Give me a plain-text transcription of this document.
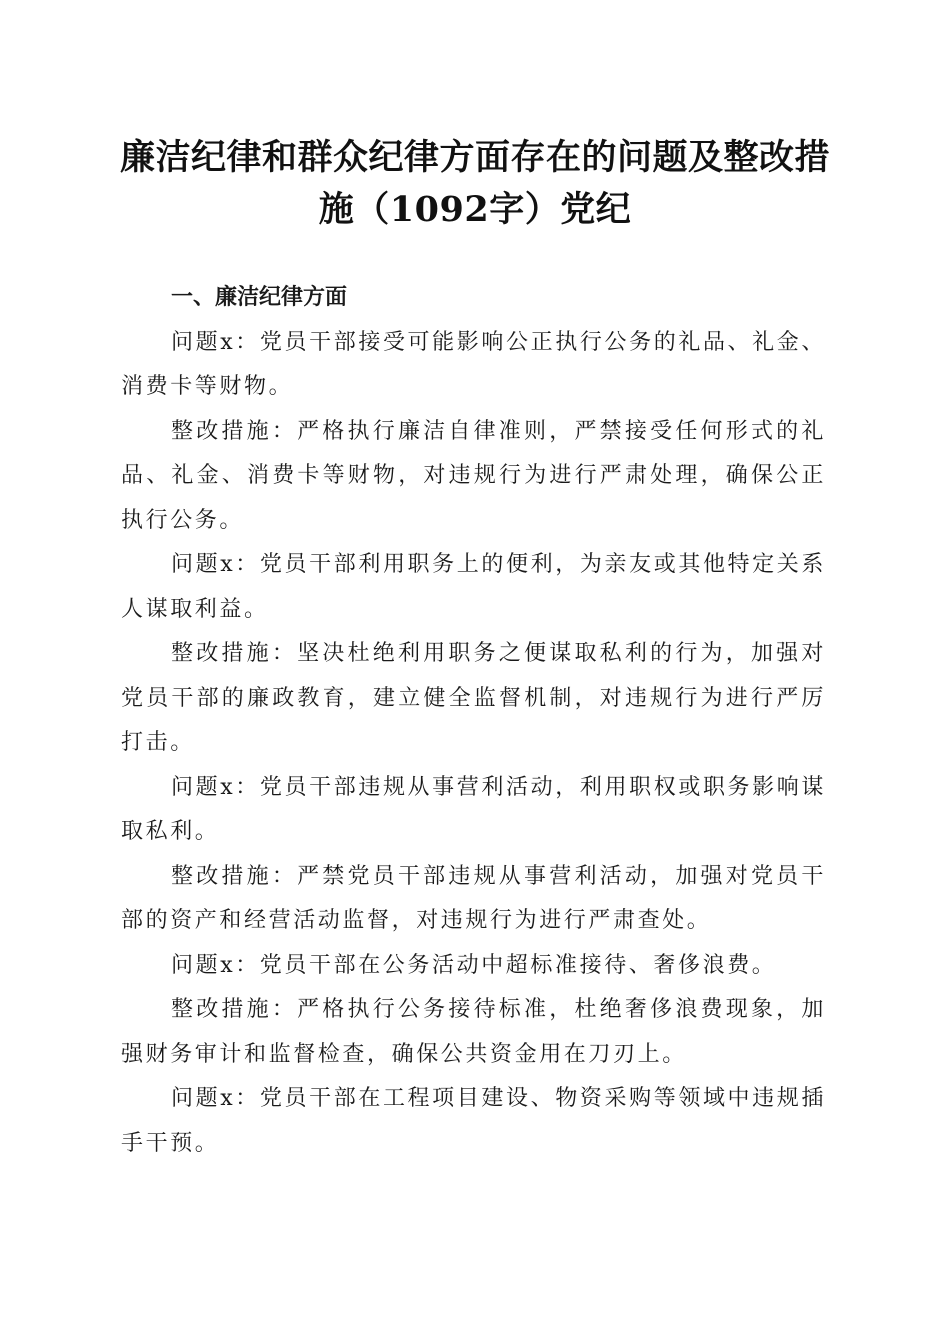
廉洁纪律和群众纪律方面存在的问题及整改措
施（1092字）党纪

一、廉洁纪律方面

问题x：党员干部接受可能影响公正执行公务的礼品、礼金、消费卡等财物。

整改措施：严格执行廉洁自律准则，严禁接受任何形式的礼品、礼金、消费卡等财物，对违规行为进行严肃处理，确保公正执行公务。

问题x：党员干部利用职务上的便利，为亲友或其他特定关系人谋取利益。

整改措施：坚决杜绝利用职务之便谋取私利的行为，加强对党员干部的廉政教育，建立健全监督机制，对违规行为进行严厉打击。

问题x：党员干部违规从事营利活动，利用职权或职务影响谋取私利。

整改措施：严禁党员干部违规从事营利活动，加强对党员干部的资产和经营活动监督，对违规行为进行严肃查处。

问题x：党员干部在公务活动中超标准接待、奢侈浪费。

整改措施：严格执行公务接待标准，杜绝奢侈浪费现象，加强财务审计和监督检查，确保公共资金用在刀刃上。

问题x：党员干部在工程项目建设、物资采购等领域中违规插手干预。
